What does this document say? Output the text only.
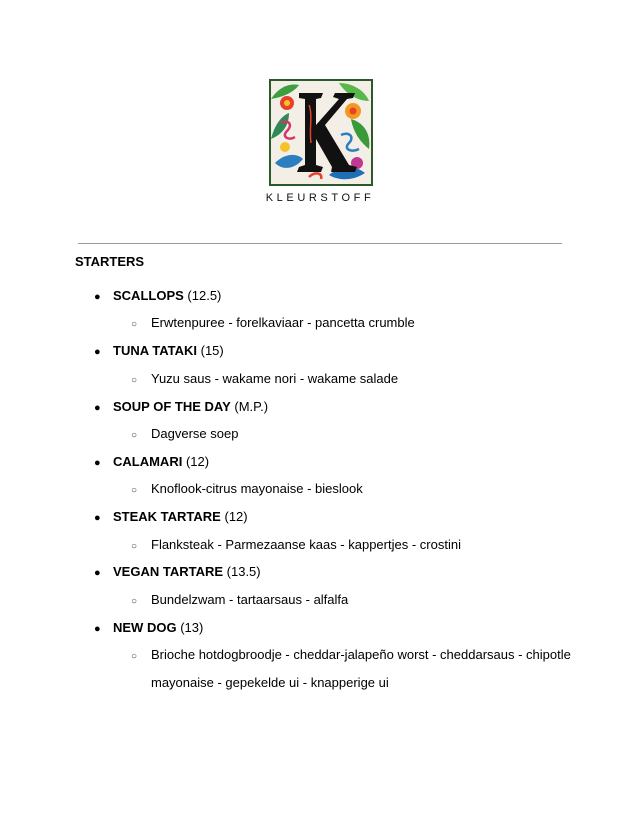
KLEURSTOFF
STARTERS
● SCALLOPS (12.5)
○ Erwtenpuree - forelkaviaar - pancetta crumble
● TUNA TATAKI (15)
○ Yuzu saus - wakame nori - wakame salade
● SOUP OF THE DAY (M.P.)
○ Dagverse soep
● CALAMARI (12)
○ Knoflook-citrus mayonaise - bieslook
● STEAK TARTARE (12)
○ Flanksteak - Parmezaanse kaas - kappertjes - crostini
● VEGAN TARTARE (13.5)
○ Bundelzwam - tartaarsaus - alfalfa
● NEW DOG (13)
○ Brioche hotdogbroodje - cheddar-jalapeño worst - cheddarsaus - chipotle
mayonaise - gepekelde ui - knapperige ui
